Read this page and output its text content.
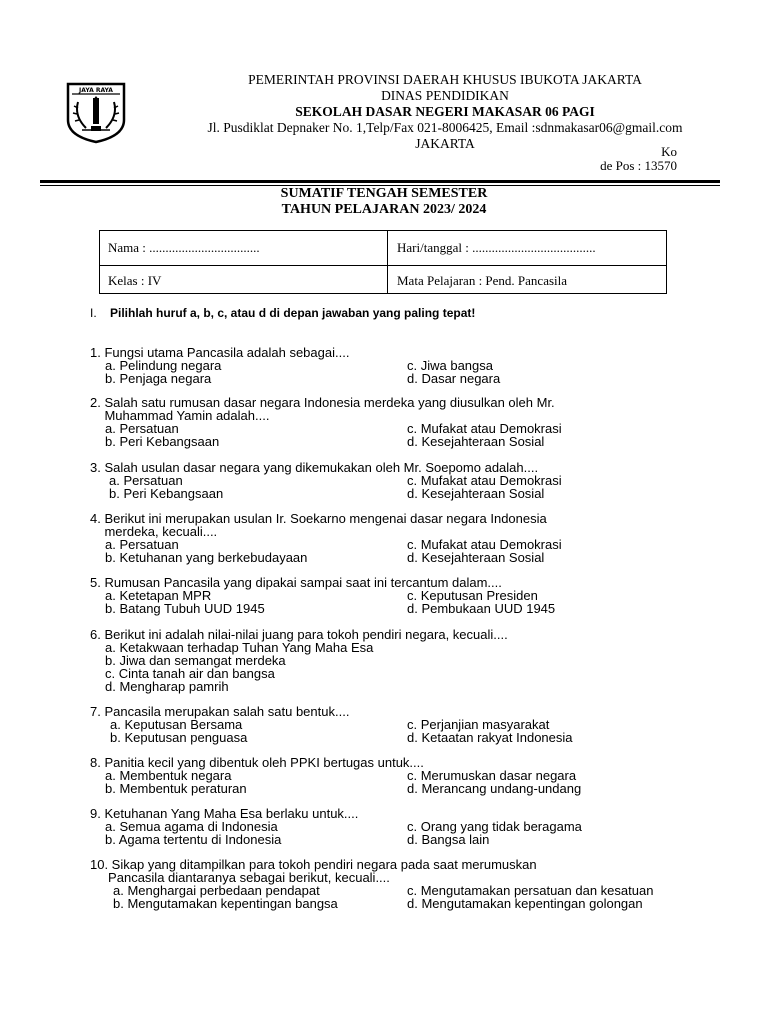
JAYA RAYA
PEMERINTAH PROVINSI DAERAH KHUSUS IBUKOTA JAKARTA
DINAS PENDIDIKAN
SEKOLAH DASAR NEGERI MAKASAR 06 PAGI
Jl. Pusdiklat Depnaker No. 1,Telp/Fax 021-8006425, Email :sdnmakasar06@gmail.com
JAKARTA
Ko
de Pos : 13570
SUMATIF TENGAH SEMESTER
TAHUN PELAJARAN 2023/ 2024
Nama : ..................................	Hari/tanggal : ......................................
Kelas : IV	Mata Pelajaran : Pend. Pancasila
I. Pilihlah huruf a, b, c, atau d di depan jawaban yang paling tepat!
1. Fungsi utama Pancasila adalah sebagai....
a. Pelindung negara
b. Penjaga negara
c. Jiwa bangsa
d. Dasar negara
2. Salah satu rumusan dasar negara Indonesia merdeka yang diusulkan oleh Mr.
Muhammad Yamin adalah....
a. Persatuan
b. Peri Kebangsaan
c. Mufakat atau Demokrasi
d. Kesejahteraan Sosial
3. Salah usulan dasar negara yang dikemukakan oleh Mr. Soepomo adalah....
a. Persatuan
b. Peri Kebangsaan
c. Mufakat atau Demokrasi
d. Kesejahteraan Sosial
4. Berikut ini merupakan usulan Ir. Soekarno mengenai dasar negara Indonesia
merdeka, kecuali....
a. Persatuan
b. Ketuhanan yang berkebudayaan
c. Mufakat atau Demokrasi
d. Kesejahteraan Sosial
5. Rumusan Pancasila yang dipakai sampai saat ini tercantum dalam....
a. Ketetapan MPR
b. Batang Tubuh UUD 1945
c. Keputusan Presiden
d. Pembukaan UUD 1945
6. Berikut ini adalah nilai-nilai juang para tokoh pendiri negara, kecuali....
a. Ketakwaan terhadap Tuhan Yang Maha Esa
b. Jiwa dan semangat merdeka
c. Cinta tanah air dan bangsa
d. Mengharap pamrih
7. Pancasila merupakan salah satu bentuk....
a. Keputusan Bersama
b. Keputusan penguasa
c. Perjanjian masyarakat
d. Ketaatan rakyat Indonesia
8. Panitia kecil yang dibentuk oleh PPKI bertugas untuk....
a. Membentuk negara
b. Membentuk peraturan
c. Merumuskan dasar negara
d. Merancang undang-undang
9. Ketuhanan Yang Maha Esa berlaku untuk....
a. Semua agama di Indonesia
b. Agama tertentu di Indonesia
c. Orang yang tidak beragama
d. Bangsa lain
10. Sikap yang ditampilkan para tokoh pendiri negara pada saat merumuskan
Pancasila diantaranya sebagai berikut, kecuali....
a. Menghargai perbedaan pendapat
b. Mengutamakan kepentingan bangsa
c. Mengutamakan persatuan dan kesatuan
d. Mengutamakan kepentingan golongan
